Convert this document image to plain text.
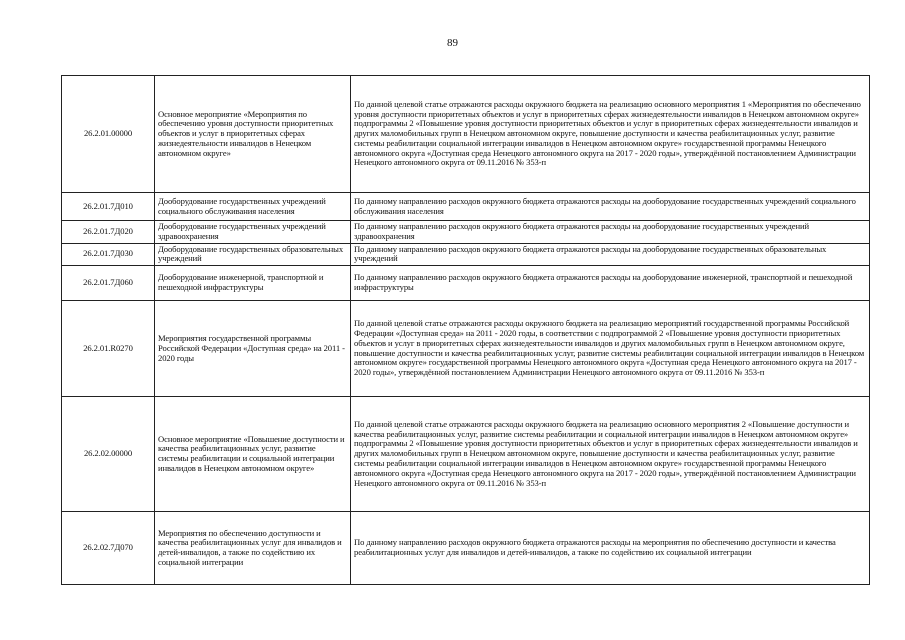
89
26.2.01.00000	Основное мероприятие «Мероприятия по обеспечению уровня доступности приоритетных объектов и услуг в приоритетных сферах жизнедеятельности инвалидов в Ненецком автономном округе»	По данной целевой статье отражаются расходы окружного бюджета на реализацию основного мероприятия 1 «Мероприятия по обеспечению уровня доступности приоритетных объектов и услуг в приоритетных сферах жизнедеятельности инвалидов в Ненецком автономном округе» подпрограммы 2 «Повышение уровня доступности приоритетных объектов и услуг в приоритетных сферах жизнедеятельности инвалидов и других маломобильных групп в Ненецком автономном округе, повышение доступности и качества реабилитационных услуг, развитие системы реабилитации социальной интеграции инвалидов в Ненецком автономном округе» государственной программы Ненецкого автономного округа «Доступная среда Ненецкого автономного округа на 2017 - 2020 годы», утверждённой постановлением Администрации Ненецкого автономного округа от 09.11.2016 № 353-п
26.2.01.7Д010	Дооборудование государственных учреждений социального обслуживания населения	По данному направлению расходов окружного бюджета отражаются расходы на дооборудование государственных учреждений социального обслуживания населения
26.2.01.7Д020	Дооборудование государственных учреждений здравоохранения	По данному направлению расходов окружного бюджета отражаются расходы на дооборудование государственных учреждений здравоохранения
26.2.01.7Д030	Дооборудование государственных образовательных учреждений	По данному направлению расходов окружного бюджета отражаются расходы на дооборудование государственных образовательных учреждений
26.2.01.7Д060	Дооборудование инженерной, транспортной и пешеходной инфраструктуры	По данному направлению расходов окружного бюджета отражаются расходы на дооборудование инженерной, транспортной и пешеходной инфраструктуры
26.2.01.R0270	Мероприятия государственной программы Российской Федерации «Доступная среда» на 2011 - 2020 годы	По данной целевой статье отражаются расходы окружного бюджета на реализацию мероприятий государственной программы Российской Федерации «Доступная среда» на 2011 - 2020 годы, в соответствии с подпрограммой 2 «Повышение уровня доступности приоритетных объектов и услуг в приоритетных сферах жизнедеятельности инвалидов и других маломобильных групп в Ненецком автономном округе, повышение доступности и качества реабилитационных услуг, развитие системы реабилитации социальной интеграции инвалидов в Ненецком автономном округе» государственной программы Ненецкого автономного округа «Доступная среда Ненецкого автономного округа на 2017 - 2020 годы», утверждённой постановлением Администрации Ненецкого автономного округа от 09.11.2016 № 353-п
26.2.02.00000	Основное мероприятие «Повышение доступности и качества реабилитационных услуг, развитие системы реабилитации и социальной интеграции инвалидов в Ненецком автономном округе»	По данной целевой статье отражаются расходы окружного бюджета на реализацию основного мероприятия 2 «Повышение доступности и качества реабилитационных услуг, развитие системы реабилитации и социальной интеграции инвалидов в Ненецком автономном округе» подпрограммы 2 «Повышение уровня доступности приоритетных объектов и услуг в приоритетных сферах жизнедеятельности инвалидов и других маломобильных групп в Ненецком автономном округе, повышение доступности и качества реабилитационных услуг, развитие системы реабилитации социальной интеграции инвалидов в Ненецком автономном округе» государственной программы Ненецкого автономного округа «Доступная среда Ненецкого автономного округа на 2017 - 2020 годы», утверждённой постановлением Администрации Ненецкого автономного округа от 09.11.2016 № 353-п
26.2.02.7Д070	Мероприятия по обеспечению доступности и качества реабилитационных услуг для инвалидов и детей-инвалидов, а также по содействию их социальной интеграции	По данному направлению расходов окружного бюджета отражаются расходы на мероприятия по обеспечению доступности и качества реабилитационных услуг для инвалидов и детей-инвалидов, а также по содействию их социальной интеграции
